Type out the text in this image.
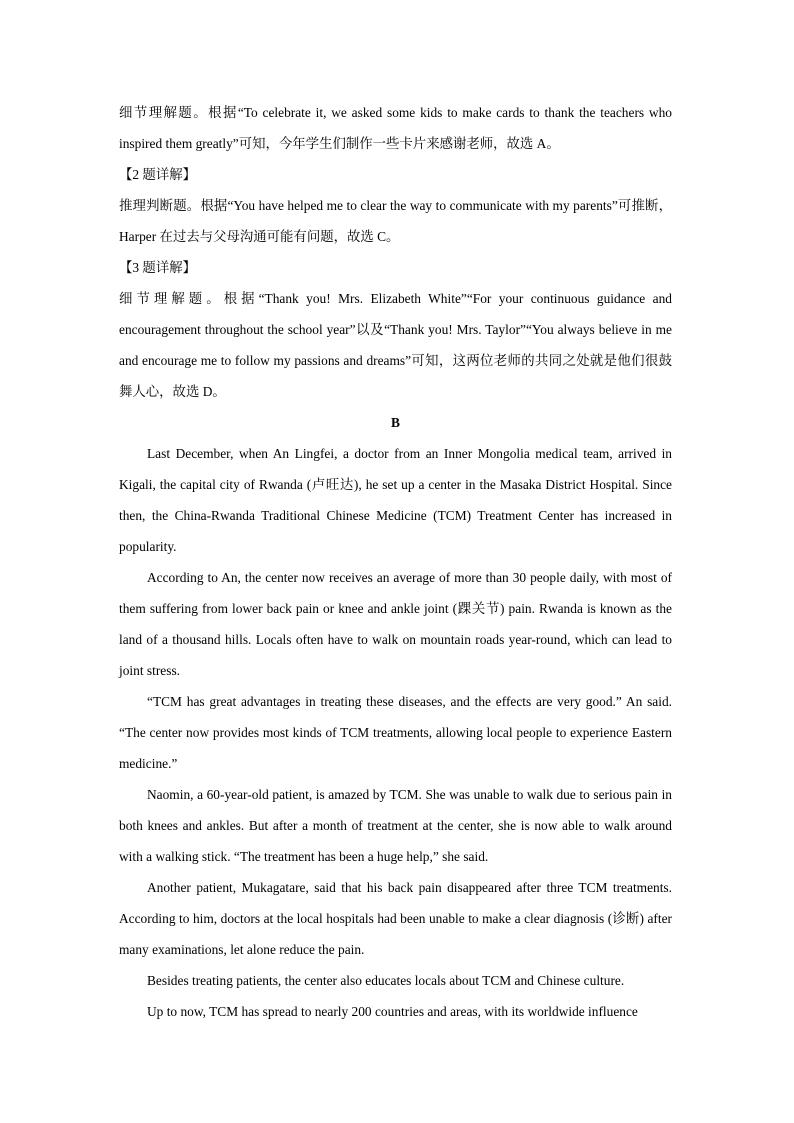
细节理解题。根据“To celebrate it, we asked some kids to make cards to thank the teachers who inspired them greatly”可知，今年学生们制作一些卡片来感谢老师，故选 A。

【2 题详解】

推理判断题。根据“You have helped me to clear the way to communicate with my parents”可推断，Harper 在过去与父母沟通可能有问题，故选 C。

【3 题详解】

细节理解题。根据“Thank you! Mrs. Elizabeth White”“For your continuous guidance and encouragement throughout the school year”以及“Thank you! Mrs. Taylor”“You always believe in me and encourage me to follow my passions and dreams”可知，这两位老师的共同之处就是他们很鼓舞人心，故选 D。

B

Last December, when An Lingfei, a doctor from an Inner Mongolia medical team, arrived in Kigali, the capital city of Rwanda (卢旺达), he set up a center in the Masaka District Hospital. Since then, the China-Rwanda Traditional Chinese Medicine (TCM) Treatment Center has increased in popularity.

According to An, the center now receives an average of more than 30 people daily, with most of them suffering from lower back pain or knee and ankle joint (踝关节) pain. Rwanda is known as the land of a thousand hills. Locals often have to walk on mountain roads year-round, which can lead to joint stress.

“TCM has great advantages in treating these diseases, and the effects are very good.” An said. “The center now provides most kinds of TCM treatments, allowing local people to experience Eastern medicine.”

Naomin, a 60-year-old patient, is amazed by TCM. She was unable to walk due to serious pain in both knees and ankles. But after a month of treatment at the center, she is now able to walk around with a walking stick. “The treatment has been a huge help,” she said.

Another patient, Mukagatare, said that his back pain disappeared after three TCM treatments. According to him, doctors at the local hospitals had been unable to make a clear diagnosis (诊断) after many examinations, let alone reduce the pain.

Besides treating patients, the center also educates locals about TCM and Chinese culture.

Up to now, TCM has spread to nearly 200 countries and areas, with its worldwide influence
